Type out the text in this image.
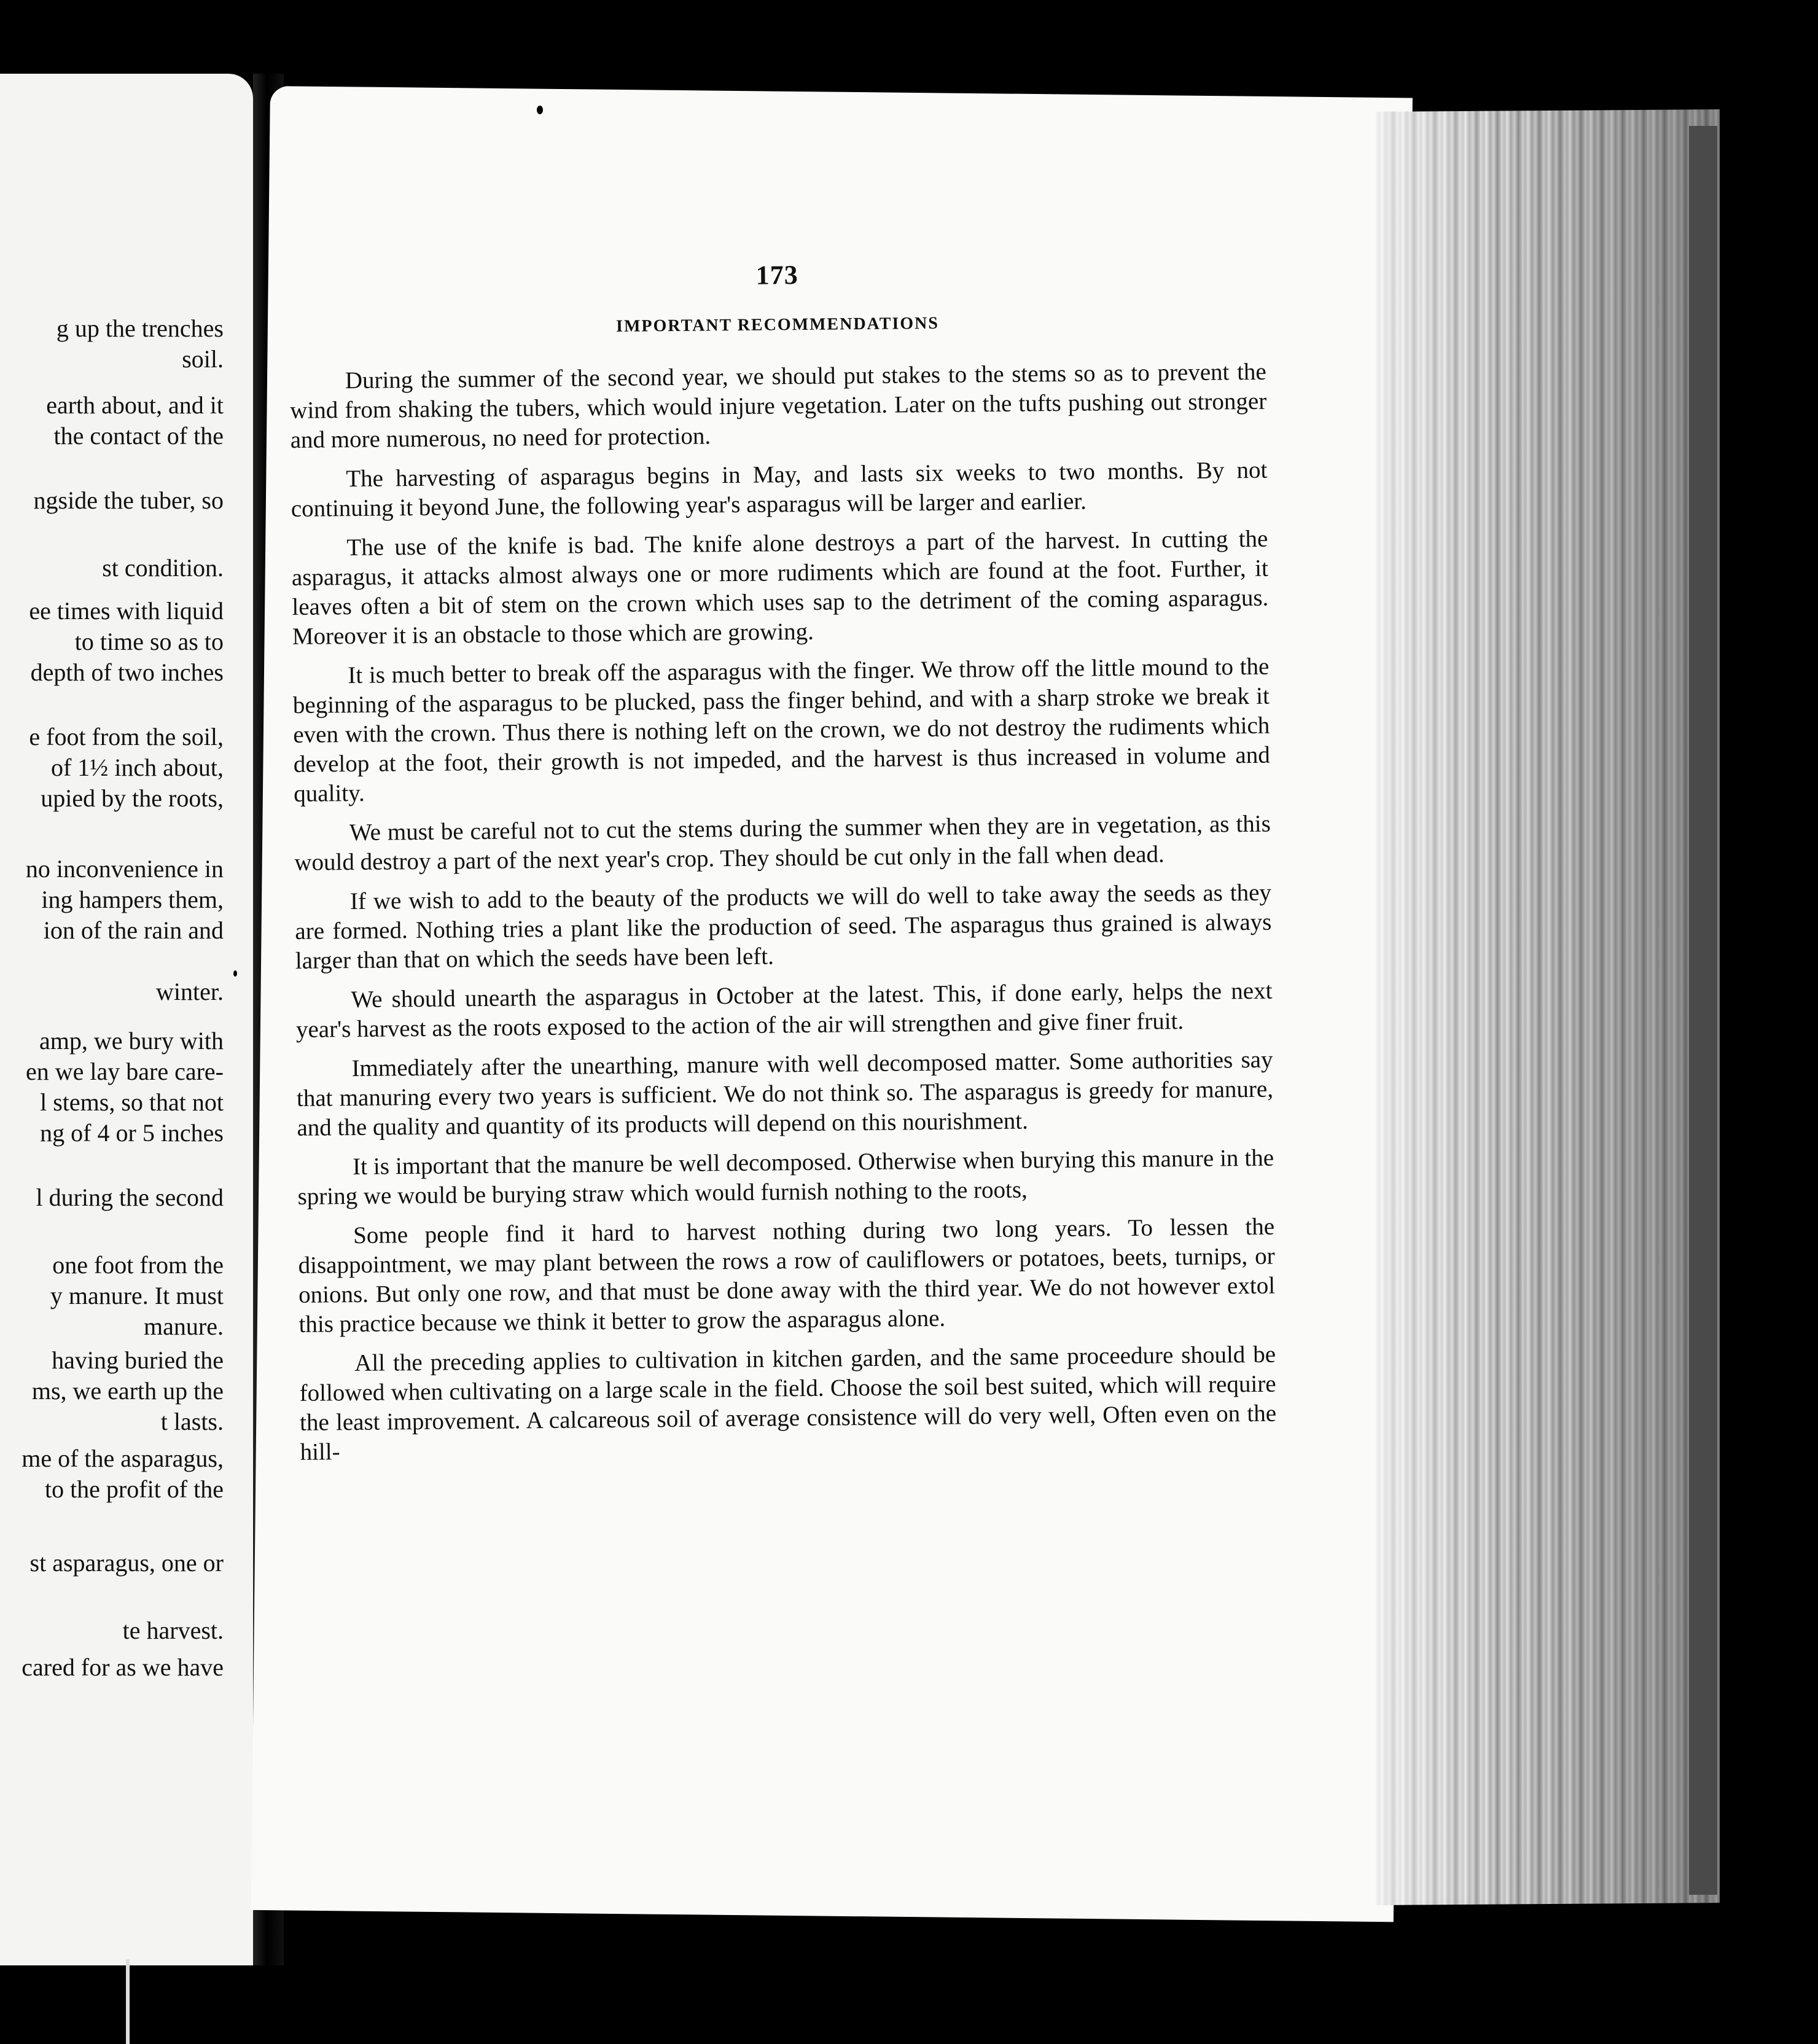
g up the trenches
soil.
earth about, and it
the contact of the
ngside the tuber, so
st condition.
ee times with liquid
to time so as to
depth of two inches
e foot from the soil,
of 1½ inch about,
upied by the roots,
no inconvenience in
ing hampers them,
ion of the rain and
winter.
amp, we bury with
en we lay bare care-
l stems, so that not
ng of 4 or 5 inches
l during the second
one foot from the
y manure. It must
manure.
having buried the
ms, we earth up the
t lasts.
me of the asparagus,
to the profit of the
st asparagus, one or
te harvest.
cared for as we have
173
IMPORTANT RECOMMENDATIONS

During the summer of the second year, we should put stakes to the stems so as to prevent the wind from shaking the tubers, which would injure vegetation. Later on the tufts pushing out stronger and more numerous, no need for protection.

The harvesting of asparagus begins in May, and lasts six weeks to two months. By not continuing it beyond June, the following year's asparagus will be larger and earlier.

The use of the knife is bad. The knife alone destroys a part of the harvest. In cutting the asparagus, it attacks almost always one or more rudiments which are found at the foot. Further, it leaves often a bit of stem on the crown which uses sap to the detriment of the coming asparagus. Moreover it is an obstacle to those which are growing.

It is much better to break off the asparagus with the finger. We throw off the little mound to the beginning of the asparagus to be plucked, pass the finger behind, and with a sharp stroke we break it even with the crown. Thus there is nothing left on the crown, we do not destroy the rudiments which develop at the foot, their growth is not impeded, and the harvest is thus increased in volume and quality.

We must be careful not to cut the stems during the summer when they are in vegetation, as this would destroy a part of the next year's crop. They should be cut only in the fall when dead.

If we wish to add to the beauty of the products we will do well to take away the seeds as they are formed. Nothing tries a plant like the production of seed. The asparagus thus grained is always larger than that on which the seeds have been left.

We should unearth the asparagus in October at the latest. This, if done early, helps the next year's harvest as the roots exposed to the action of the air will strengthen and give finer fruit.

Immediately after the unearthing, manure with well decomposed matter. Some authorities say that manuring every two years is sufficient. We do not think so. The asparagus is greedy for manure, and the quality and quantity of its products will depend on this nourishment.

It is important that the manure be well decomposed. Otherwise when burying this manure in the spring we would be burying straw which would furnish nothing to the roots,

Some people find it hard to harvest nothing during two long years. To lessen the disappointment, we may plant between the rows a row of cauliflowers or potatoes, beets, turnips, or onions. But only one row, and that must be done away with the third year. We do not however extol this practice because we think it better to grow the asparagus alone.

All the preceding applies to cultivation in kitchen garden, and the same proceedure should be followed when cultivating on a large scale in the field. Choose the soil best suited, which will require the least improvement. A calcareous soil of average consistence will do very well, Often even on the hill-
